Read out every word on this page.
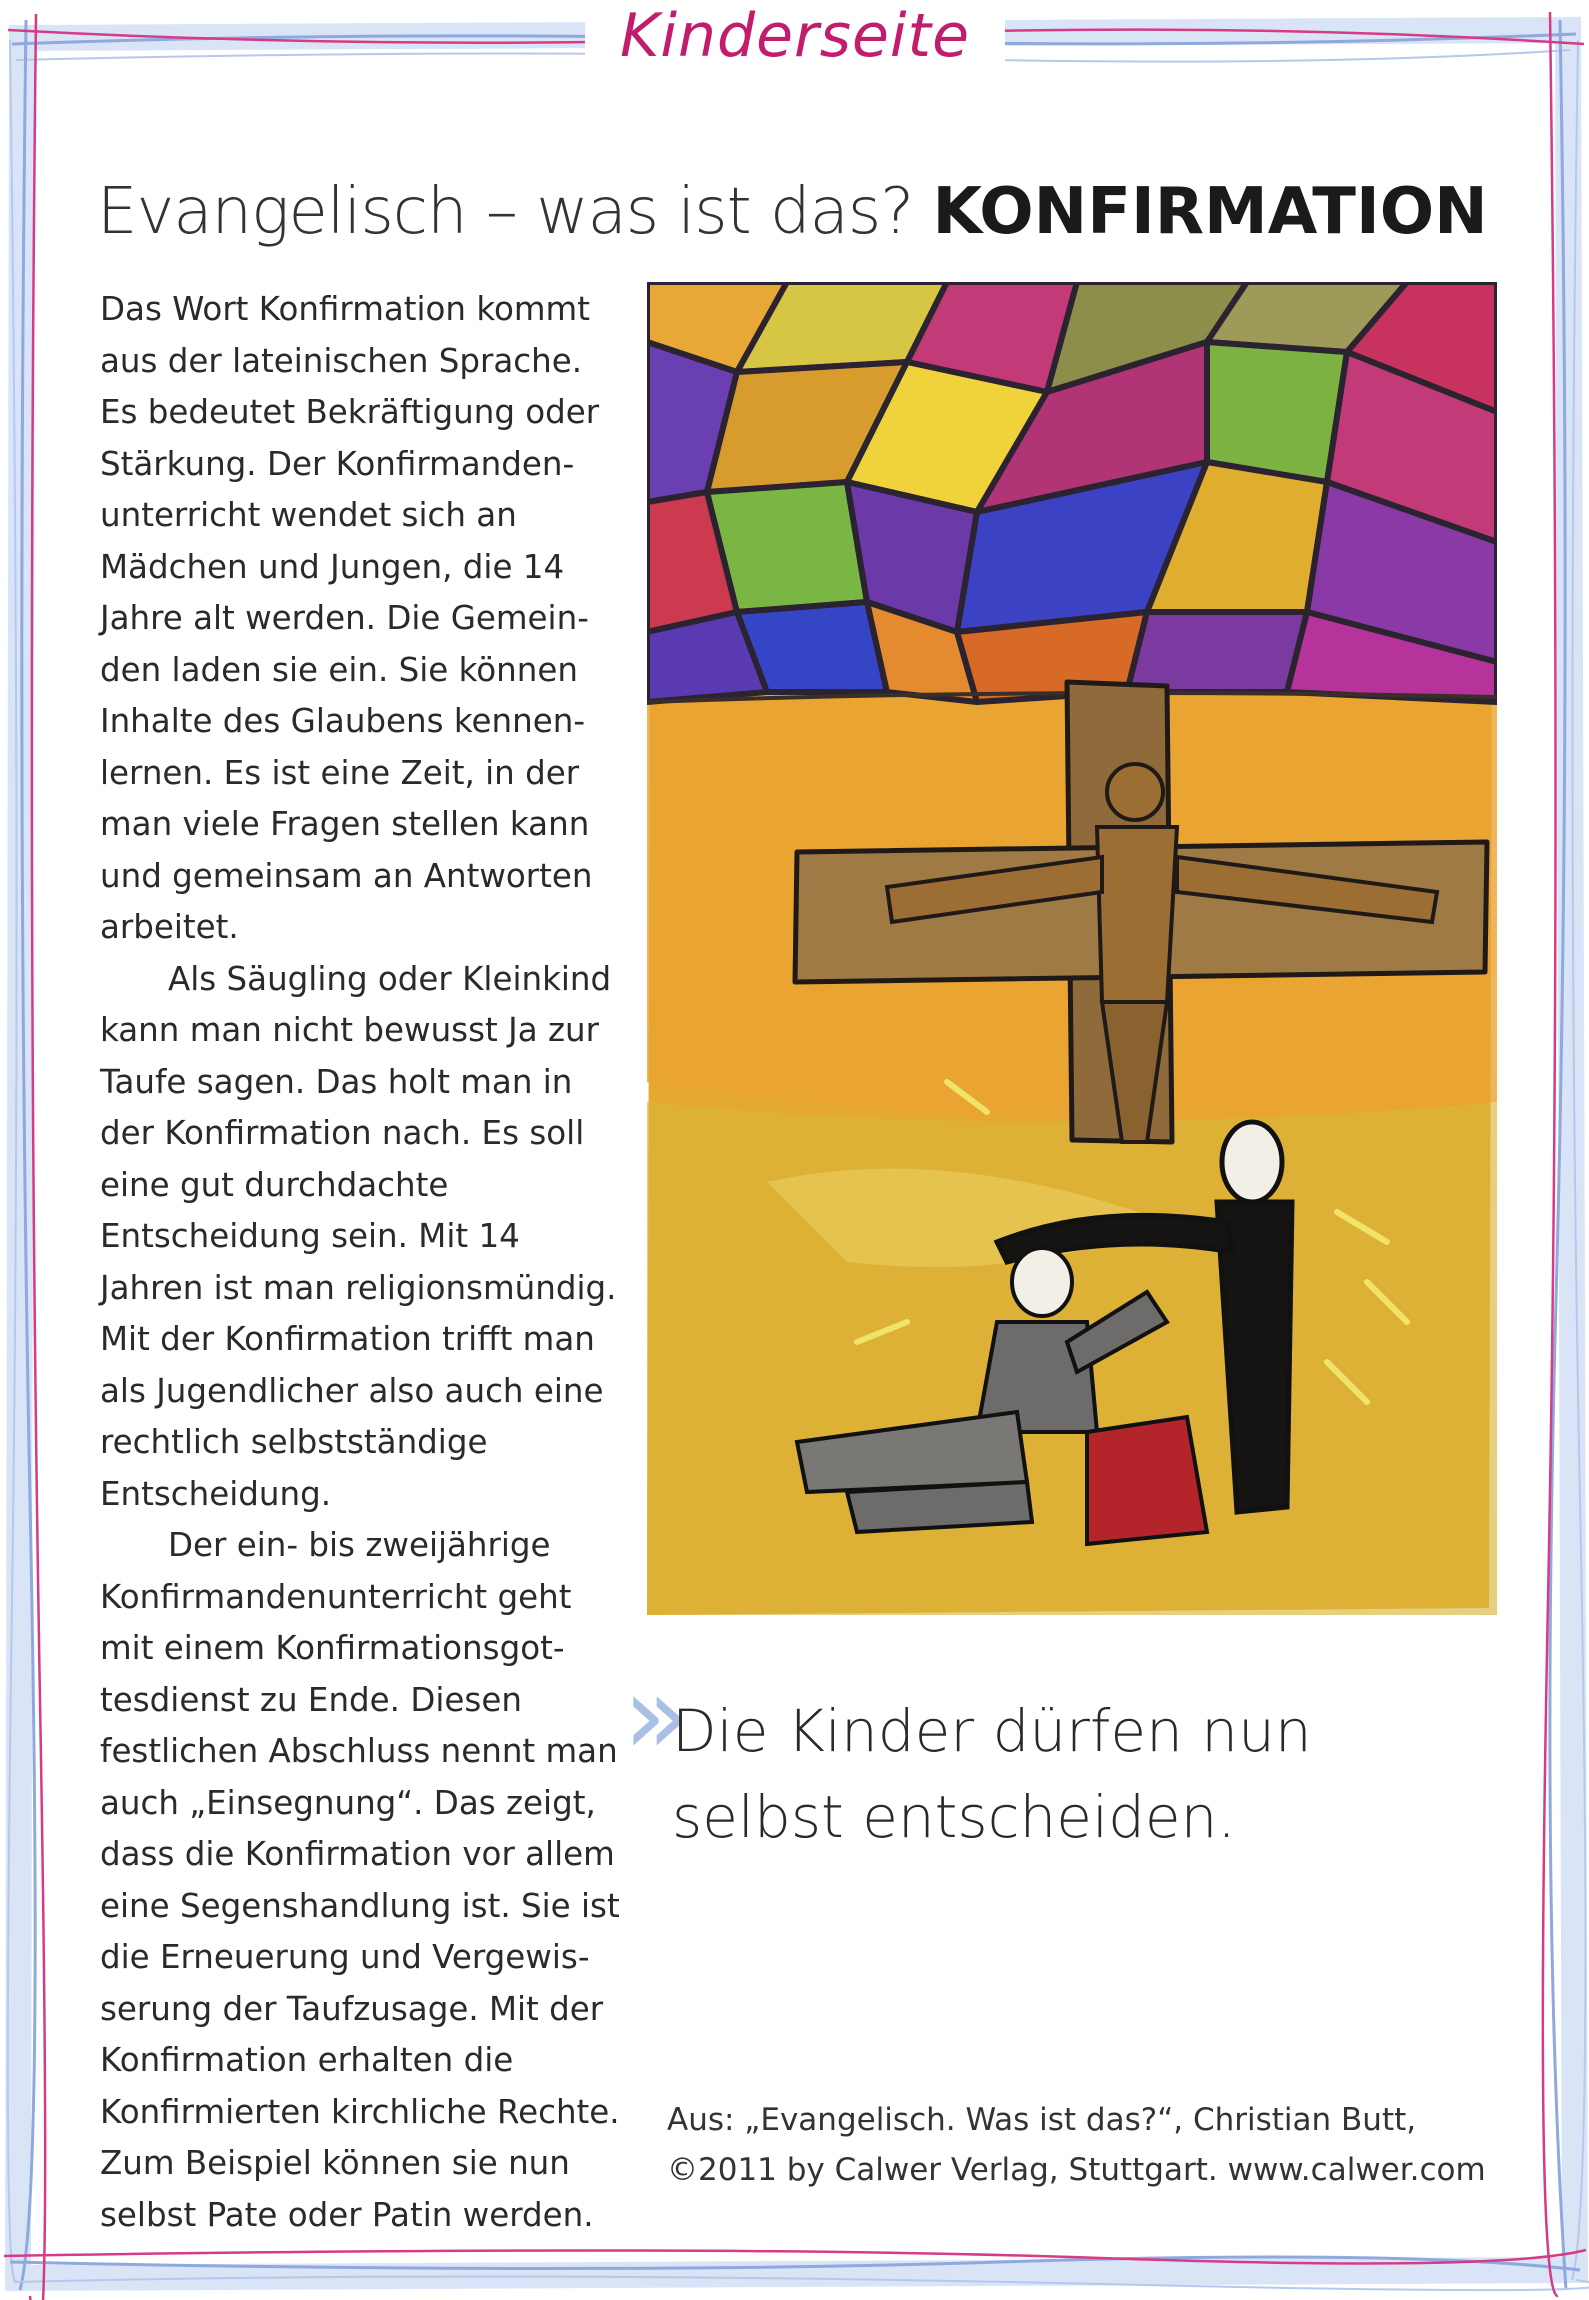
Kinderseite
Evangelisch – was ist das? KONFIRMATION

Das Wort Konfirmation kommt aus der lateinischen Sprache. Es bedeutet Bekräftigung oder Stärkung. Der Konfirmandenunterricht wendet sich an Mädchen und Jungen, die 14 Jahre alt werden. Die Gemeinden laden sie ein. Sie können Inhalte des Glaubens kennenlernen. Es ist eine Zeit, in der man viele Fragen stellen kann und gemeinsam an Antworten arbeitet.

Als Säugling oder Kleinkind kann man nicht bewusst Ja zur Taufe sagen. Das holt man in der Konfirmation nach. Es soll eine gut durchdachte Entscheidung sein. Mit 14 Jahren ist man religionsmündig. Mit der Konfirmation trifft man als Jugendlicher also auch eine rechtlich selbstständige Entscheidung.

Der ein- bis zweijährige Konfirmandenunterricht geht mit einem Konfirmationsgottesdienst zu Ende. Diesen festlichen Abschluss nennt man auch „Einsegnung“. Das zeigt, dass die Konfirmation vor allem eine Segenshandlung ist. Sie ist die Erneuerung und Vergewisserung der Taufzusage. Mit der Konfirmation erhalten die Konfirmierten kirchliche Rechte. Zum Beispiel können sie nun selbst Pate oder Patin werden.

»
Die Kinder dürfen nun selbst entscheiden.
Aus: „Evangelisch. Was ist das?“, Christian Butt,
©2011 by Calwer Verlag, Stuttgart. www.calwer.com
